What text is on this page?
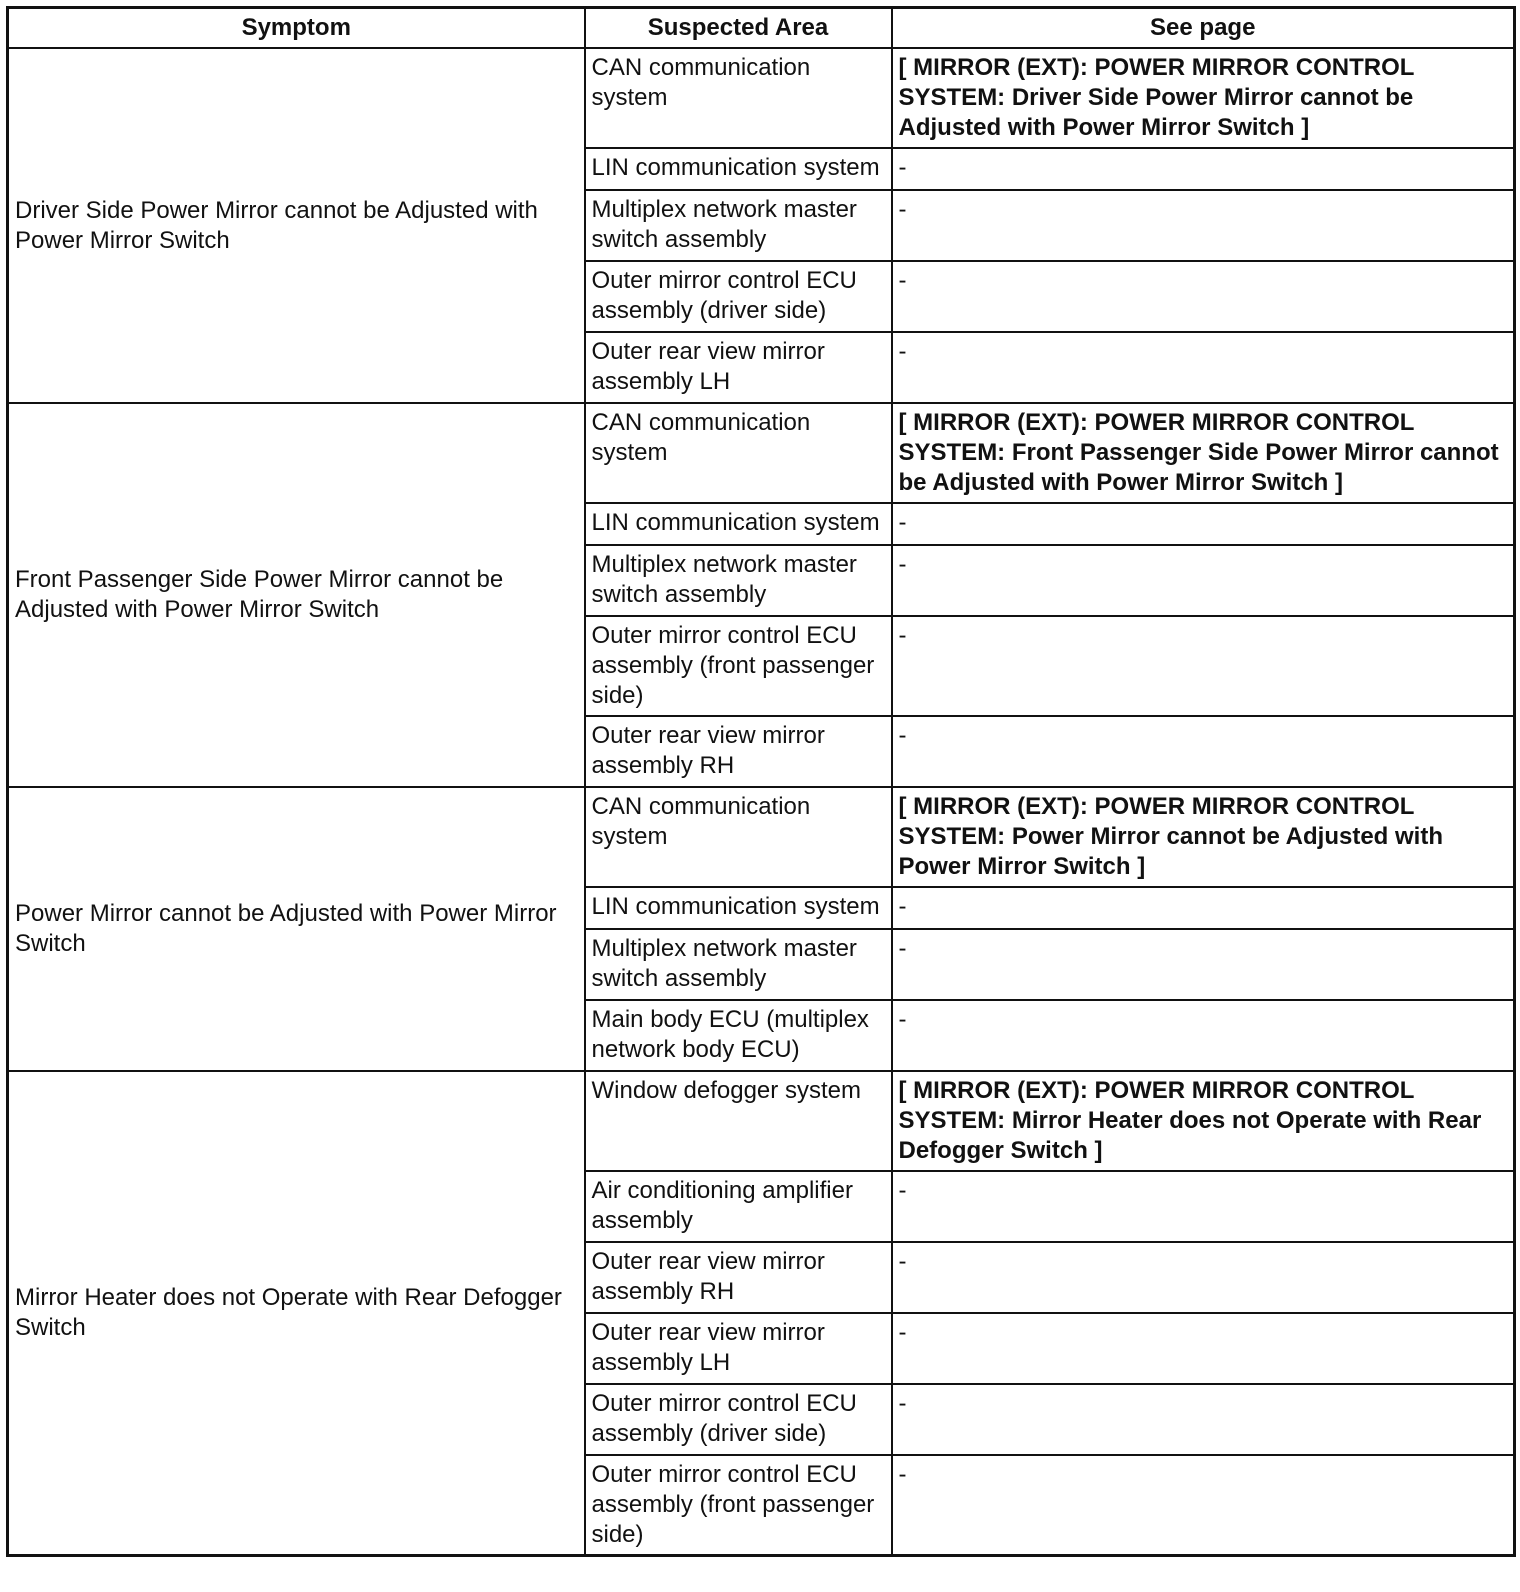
Symptom	Suspected Area	See page
Driver Side Power Mirror cannot be Adjusted with Power Mirror Switch	CAN communication system	[ MIRROR (EXT): POWER MIRROR CONTROL SYSTEM: Driver Side Power Mirror cannot be Adjusted with Power Mirror Switch ]
	LIN communication system	-
	Multiplex network master switch assembly	-
	Outer mirror control ECU assembly (driver side)	-
	Outer rear view mirror assembly LH	-
Front Passenger Side Power Mirror cannot be Adjusted with Power Mirror Switch	CAN communication system	[ MIRROR (EXT): POWER MIRROR CONTROL SYSTEM: Front Passenger Side Power Mirror cannot be Adjusted with Power Mirror Switch ]
	LIN communication system	-
	Multiplex network master switch assembly	-
	Outer mirror control ECU assembly (front passenger side)	-
	Outer rear view mirror assembly RH	-
Power Mirror cannot be Adjusted with Power Mirror Switch	CAN communication system	[ MIRROR (EXT): POWER MIRROR CONTROL SYSTEM: Power Mirror cannot be Adjusted with Power Mirror Switch ]
	LIN communication system	-
	Multiplex network master switch assembly	-
	Main body ECU (multiplex network body ECU)	-
Mirror Heater does not Operate with Rear Defogger Switch	Window defogger system	[ MIRROR (EXT): POWER MIRROR CONTROL SYSTEM: Mirror Heater does not Operate with Rear Defogger Switch ]
	Air conditioning amplifier assembly	-
	Outer rear view mirror assembly RH	-
	Outer rear view mirror assembly LH	-
	Outer mirror control ECU assembly (driver side)	-
	Outer mirror control ECU assembly (front passenger side)	-
